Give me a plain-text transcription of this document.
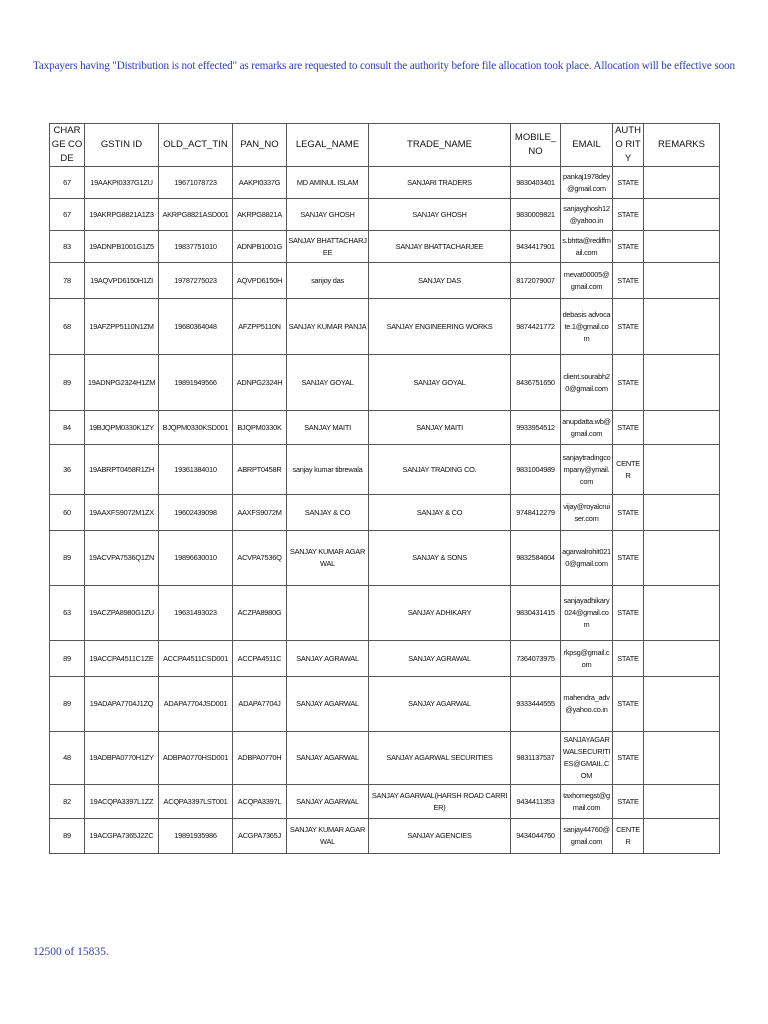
Taxpayers having "Distribution is not effected" as remarks are requested to consult the authority before file allocation took place. Allocation will be effective soon
CHARGE CODE	GSTIN ID	OLD_ACT_TIN	PAN_NO	LEGAL_NAME	TRADE_NAME	MOBILE_NO	EMAIL	AUTHO RITY	REMARKS
67	19AAKPI0337G1ZU	19671078723	AAKPI0337G	MD AMINUL ISLAM	SANJARI TRADERS	9830403401	pankaj1978dey@gmail.com	STATE	
67	19AKRPG8821A1Z3	AKRPG8821ASD001	AKRPG8821A	SANJAY GHOSH	SANJAY GHOSH	9830009821	sanjayghosh12@yahoo.in	STATE	
83	19ADNPB1001G1Z5	19837751010	ADNPB1001G	SANJAY BHATTACHARJEE	SANJAY BHATTACHARJEE	9434417901	s.bhtta@rediffmail.com	STATE	
78	19AQVPD6150H1ZI	19787275023	AQVPD6150H	sanjoy das	SANJAY DAS	8172079007	mevat00005@gmail.com	STATE	
68	19AFZPP5110N1ZM	19680364048	AFZPP5110N	SANJAY KUMAR PANJA	SANJAY ENGINEERING WORKS	9874421772	debasis advocate.1@gmail.com	STATE	
89	19ADNPG2324H1ZM	19891949566	ADNPG2324H	SANJAY GOYAL	SANJAY GOYAL	8436751650	client.sourabh20@gmail.com	STATE	
84	19BJQPM0330K1ZY	BJQPM0330KSD001	BJQPM0330K	SANJAY MAITI	SANJAY MAITI	9933954512	anupdatta.wb@gmail.com	STATE	
36	19ABRPT0458R1ZH	19361384010	ABRPT0458R	sanjay kumar tibrewala	SANJAY TRADING CO.	9831004989	sanjaytradingcompany@ymail.com	CENTER	
60	19AAXFS9072M1ZX	19602439098	AAXFS9072M	SANJAY & CO	SANJAY & CO	9748412279	vijay@royalcruiser.com	STATE	
89	19ACVPA7536Q1ZN	19896630010	ACVPA7536Q	SANJAY KUMAR AGARWAL	SANJAY & SONS	9832584604	agarwalrohit0210@gmail.com	STATE	
63	19ACZPA8980G1ZU	19631493023	ACZPA8980G		SANJAY ADHIKARY	9830431415	sanjayadhikary024@gmail.com	STATE	
89	19ACCPA4511C1ZE	ACCPA4511CSD001	ACCPA4511C	SANJAY AGRAWAL	SANJAY AGRAWAL	7364073975	rkpsg@gmail.com	STATE	
89	19ADAPA7704J1ZQ	ADAPA7704JSD001	ADAPA7704J	SANJAY AGARWAL	SANJAY AGARWAL	9333444555	mahendra_adv@yahoo.co.in	STATE	
48	19ADBPA0770H1ZY	ADBPA0770HSD001	ADBPA0770H	SANJAY AGARWAL	SANJAY AGARWAL SECURITIES	9831137537	SANJAYAGARWALSECURITIES@GMAIL.COM	STATE	
82	19ACQPA3397L1ZZ	ACQPA3397LST001	ACQPA3397L	SANJAY AGARWAL	SANJAY AGARWAL(HARSH ROAD CARRIER)	9434411353	taxhomegst@gmail.com	STATE	
89	19ACGPA7365J2ZC	19891935986	ACGPA7365J	SANJAY KUMAR AGARWAL	SANJAY AGENCIES	9434044760	sanjay44760@gmail.com	CENTER	
12500 of 15835.
